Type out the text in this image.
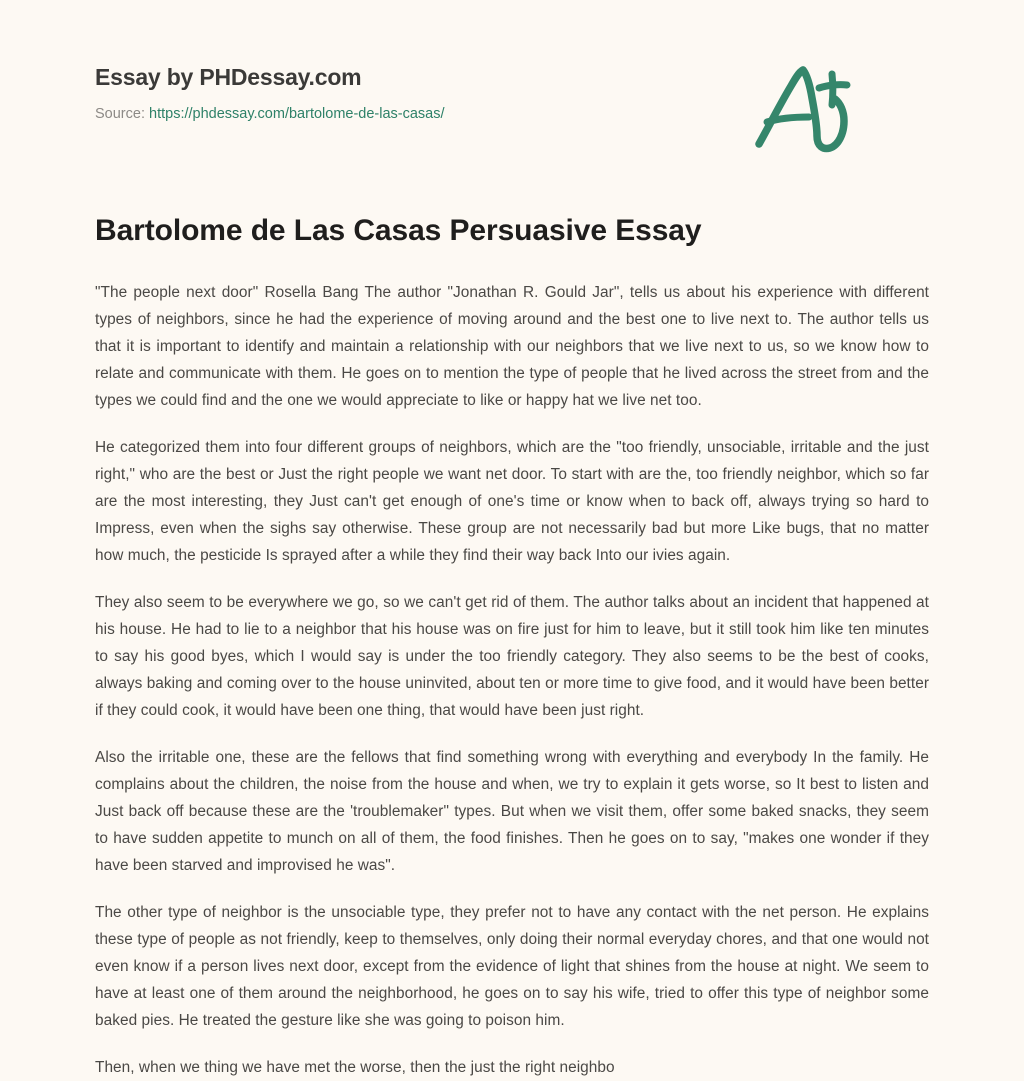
Essay by PHDessay.com
Source: https://phdessay.com/bartolome-de-las-casas/
Bartolome de Las Casas Persuasive Essay

"The people next door" Rosella Bang The author "Jonathan R. Gould Jar", tells us about his experience with different types of neighbors, since he had the experience of moving around and the best one to live next to. The author tells us that it is important to identify and maintain a relationship with our neighbors that we live next to us, so we know how to relate and communicate with them. He goes on to mention the type of people that he lived across the street from and the types we could find and the one we would appreciate to like or happy hat we live net too.

He categorized them into four different groups of neighbors, which are the "too friendly, unsociable, irritable and the just right," who are the best or Just the right people we want net door. To start with are the, too friendly neighbor, which so far are the most interesting, they Just can't get enough of one's time or know when to back off, always trying so hard to Impress, even when the sighs say otherwise. These group are not necessarily bad but more Like bugs, that no matter how much, the pesticide Is sprayed after a while they find their way back Into our ivies again.

They also seem to be everywhere we go, so we can't get rid of them. The author talks about an incident that happened at his house. He had to lie to a neighbor that his house was on fire just for him to leave, but it still took him like ten minutes to say his good byes, which I would say is under the too friendly category. They also seems to be the best of cooks, always baking and coming over to the house uninvited, about ten or more time to give food, and it would have been better if they could cook, it would have been one thing, that would have been just right.

Also the irritable one, these are the fellows that find something wrong with everything and everybody In the family. He complains about the children, the noise from the house and when, we try to explain it gets worse, so It best to listen and Just back off because these are the 'troublemaker" types. But when we visit them, offer some baked snacks, they seem to have sudden appetite to munch on all of them, the food finishes. Then he goes on to say, "makes one wonder if they have been starved and improvised he was".

The other type of neighbor is the unsociable type, they prefer not to have any contact with the net person. He explains these type of people as not friendly, keep to themselves, only doing their normal everyday chores, and that one would not even know if a person lives next door, except from the evidence of light that shines from the house at night. We seem to have at least one of them around the neighborhood, he goes on to say his wife, tried to offer this type of neighbor some baked pies. He treated the gesture like she was going to poison him.

Then, when we thing we have met the worse, then the just the right neighbo
